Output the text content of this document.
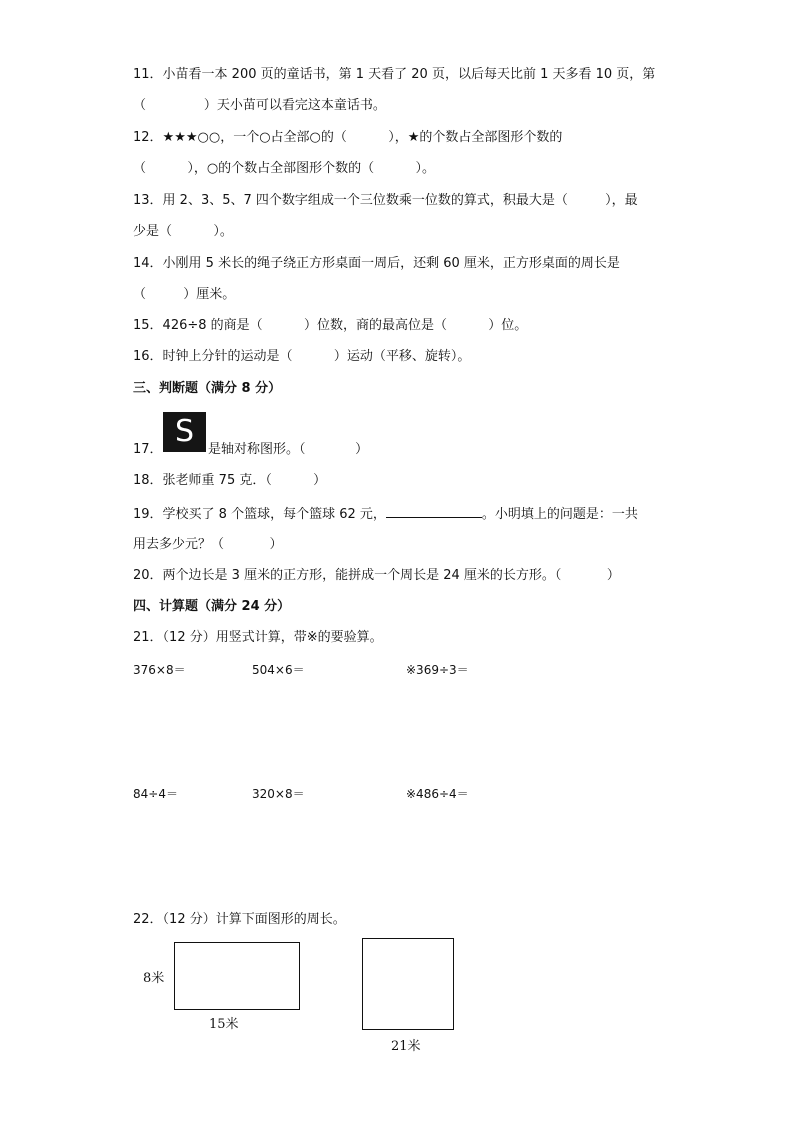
11．小苗看一本 200 页的童话书，第 1 天看了 20 页，以后每天比前 1 天多看 10 页，第
（              ）天小苗可以看完这本童话书。
12．★★★○○，一个○占全部○的（          ），★的个数占全部图形个数的
（          ），○的个数占全部图形个数的（          ）。
13．用 2、3、5、7 四个数字组成一个三位数乘一位数的算式，积最大是（         ），最
少是（          ）。
14．小刚用 5 米长的绳子绕正方形桌面一周后，还剩 60 厘米，正方形桌面的周长是
（         ）厘米。
15．426÷8 的商是（          ）位数，商的最高位是（          ）位。
16．时钟上分针的运动是（          ）运动（平移、旋转）。
三、判断题（满分 8 分）
17．
S
是轴对称图形。（            ）
18．张老师重 75 克．（          ）
19．学校买了 8 个篮球，每个篮球 62 元，	。小明填上的问题是：一共
用去多少元？（           ）
20．两个边长是 3 厘米的正方形，能拼成一个周长是 24 厘米的长方形。（           ）
四、计算题（满分 24 分）
21．（12 分）用竖式计算，带※的要验算。
376×8＝	504×6＝	※369÷3＝
84÷4＝	320×8＝	※486÷4＝
22．（12 分）计算下面图形的周长。
8米
15米
21米
